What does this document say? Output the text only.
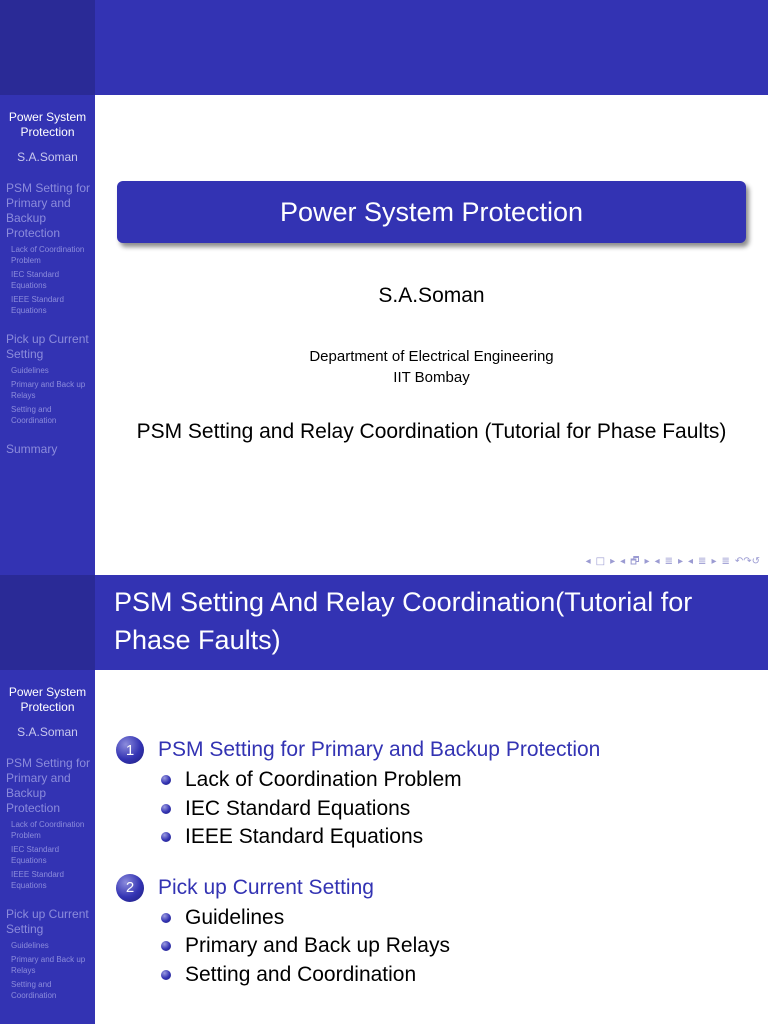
Power System Protection
S.A.Soman
PSM Setting for Primary and Backup Protection
Lack of Coordination Problem
IEC Standard Equations
IEEE Standard Equations
Pick up Current Setting
Guidelines
Primary and Back up Relays
Setting and Coordination
Summary
Power System Protection
S.A.Soman
Department of Electrical Engineering
IIT Bombay
PSM Setting and Relay Coordination (Tutorial for Phase Faults)
◂ □ ▸ ◂ 🗗 ▸ ◂ ≣ ▸ ◂ ≣ ▸ ≣ ↶↷↺
PSM Setting And Relay Coordination(Tutorial for Phase Faults)
Power System Protection
S.A.Soman
PSM Setting for Primary and Backup Protection
Lack of Coordination Problem
IEC Standard Equations
IEEE Standard Equations
Pick up Current Setting
Guidelines
Primary and Back up Relays
Setting and Coordination
1	PSM Setting for Primary and Backup Protection
Lack of Coordination Problem
IEC Standard Equations
IEEE Standard Equations
2	Pick up Current Setting
Guidelines
Primary and Back up Relays
Setting and Coordination
